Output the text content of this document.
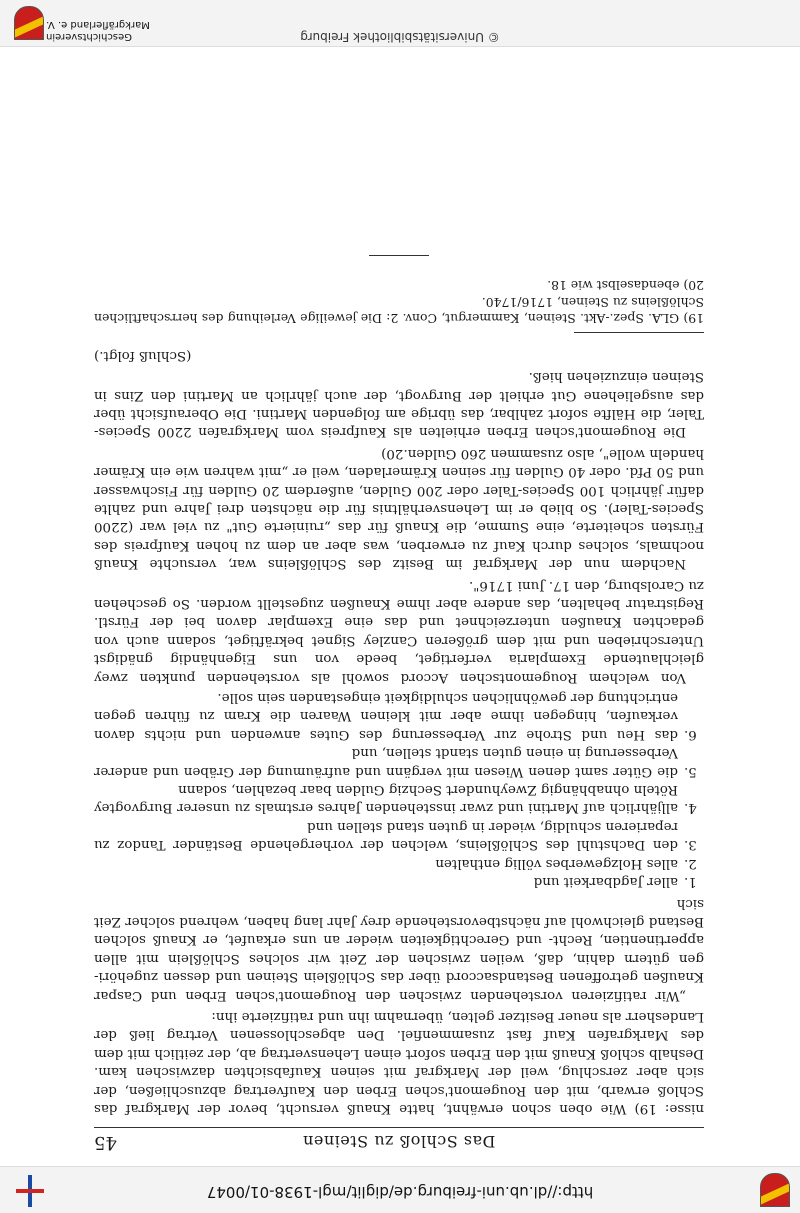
http://dl.ub.uni-freiburg.de/diglit/mgl-1938-01/0047
Das Schloß zu Steinen
45

nisse: 19) Wie oben schon erwähnt, hatte Knauß versucht, bevor der Markgraf das Schloß erwarb, mit den Rougemont'schen Erben den Kaufvertrag abzuschließen, der sich aber zerschlug, weil der Markgraf mit seinen Kaufabsichten dazwischen kam. Deshalb schloß Knauß mit den Erben sofort einen Lehensvertrag ab, der zeitlich mit dem des Markgrafen Kauf fast zusammenfiel. Den abgeschlossenen Vertrag ließ der Landesherr als neuer Besitzer gelten, übernahm ihn und ratifizierte ihn:

„Wir ratifizieren vorstehenden zwischen den Rougemont'schen Erben und Caspar Knaußen getroffenen Bestandsaccord über das Schlößlein Steinen und dessen zugehöri-gen gütern dahin, daß, weilen zwischen der Zeit wir solches Schlößlein mit allen appertinentien, Recht- und Gerechtigkeiten wieder an uns erkaufet, er Knauß solchen Bestand gleichwohl auf nächstbevorstehende drey Jahr lang haben, wehrend solcher Zeit sich

1.
aller Jagdbarkeit und
2.
alles Holzgewerbes völlig enthalten
3.
den Dachstuhl des Schlößleins, welchen der vorhergehende Beständer Tandoz zu reparieren schuldig, wieder in guten stand stellen und
4.
alljährlich auf Martini und zwar insstehenden Jahres erstmals zu unserer Burgvogtey Röteln ohnabhängig Zweyhundert Sechzig Gulden baar bezahlen, sodann
5.
die Güter samt denen Wiesen mit vergänn und aufräumung der Gräben und anderer Verbesserung in einen guten standt stellen, und
6.
das Heu und Strohe zur Verbesserung des Gutes anwenden und nichts davon verkaufen, hingegen ihme aber mit kleinen Waaren die Kram zu führen gegen entrichtung der gewöhnlichen schuldigkeit eingestanden sein solle.

Von welchem Rougemontschen Accord sowohl als vorstehenden punkten zwey gleichlautende Exemplaria verfertiget, beede von uns Eigenhändig gnädigst Unterschrieben und mit dem größeren Canzley Signet bekräftiget, sodann auch von gedachten Knaußen unterzeichnet und das eine Exemplar davon bei der Fürstl. Registratur behalten, das andere aber ihme Knaußen zugestellt worden. So geschehen zu Carolsburg, den 17. Juni 1716".

Nachdem nun der Markgraf im Besitz des Schlößleins war, versuchte Knauß nochmals, solches durch Kauf zu erwerben, was aber an dem zu hohen Kaufpreis des Fürsten scheiterte, eine Summe, die Knauß für das „ruinierte Gut" zu viel war (2200 Species-Taler). So blieb er im Lehensverhältnis für die nächsten drei Jahre und zahlte dafür jährlich 100 Species-Taler oder 200 Gulden, außerdem 20 Gulden für Fischwasser und 50 Pfd. oder 40 Gulden für seinen Krämerladen, weil er „mit wahren wie ein Krämer handeln wolle", also zusammen 260 Gulden.20)

Die Rougemont'schen Erben erhielten als Kaufpreis vom Markgrafen 2200 Species-Taler, die Hälfte sofort zahlbar, das übrige am folgenden Martini. Die Oberaufsicht über das ausgeliehene Gut erhielt der Burgvogt, der auch jährlich an Martini den Zins in Steinen einzuziehen hieß.

(Schluß folgt.)
19) GLA. Spez.-Akt. Steinen, Kammergut, Conv. 2: Die jeweilige Verleihung des herrschaftlichen Schlößleins zu Steinen, 1716/1740.
20) ebendaselbst wie 18.
© Universitätsbibliothek Freiburg
Geschichtsverein
Markgräflerland e. V.
